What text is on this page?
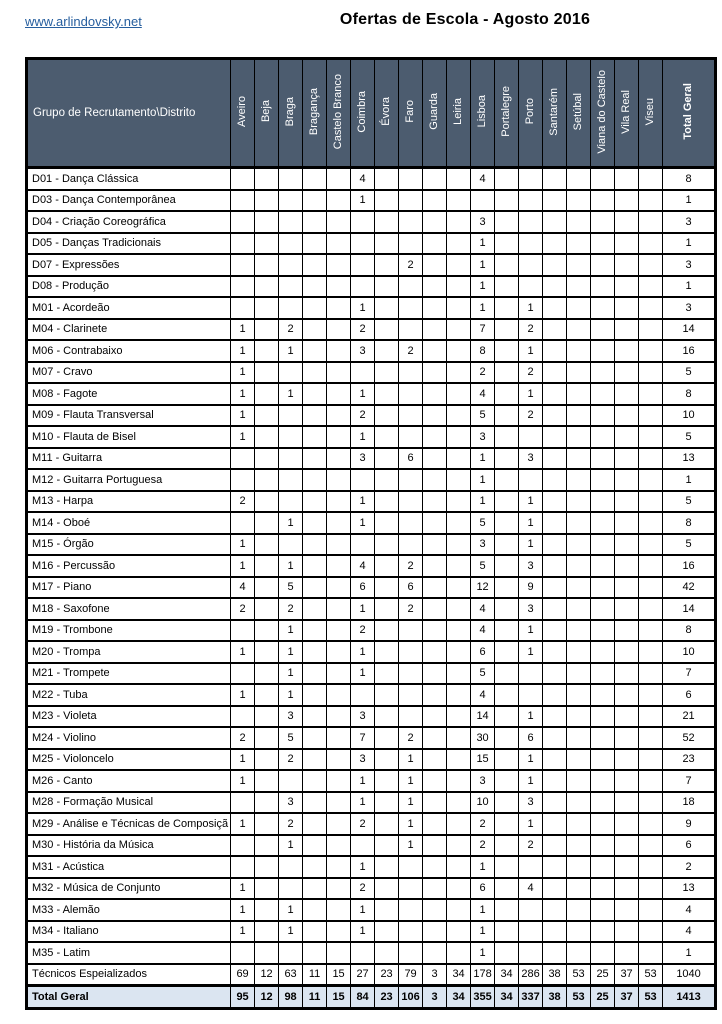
www.arlindovsky.net	Ofertas de Escola - Agosto 2016
Grupo de Recrutamento\Distrito	Aveiro	Beja	Braga	Bragança	Castelo Branco	Coimbra	Évora	Faro	Guarda	Leiria	Lisboa	Portalegre	Porto	Santarém	Setúbal	Viana do Castelo	Vila Real	Viseu	Total Geral
D01 - Dança Clássica						4					4								8
D03 - Dança Contemporânea						1													1
D04 - Criação Coreográfica											3								3
D05 - Danças Tradicionais											1								1
D07 - Expressões								2			1								3
D08 - Produção											1								1
M01 - Acordeão						1					1		1						3
M04 - Clarinete	1		2			2					7		2						14
M06 - Contrabaixo	1		1			3		2			8		1						16
M07 - Cravo	1										2		2						5
M08 - Fagote	1		1			1					4		1						8
M09 - Flauta Transversal	1					2					5		2						10
M10 - Flauta de Bisel	1					1					3								5
M11 - Guitarra						3		6			1		3						13
M12 - Guitarra Portuguesa											1								1
M13 - Harpa	2					1					1		1						5
M14 - Oboé			1			1					5		1						8
M15 - Órgão	1										3		1						5
M16 - Percussão	1		1			4		2			5		3						16
M17 - Piano	4		5			6		6			12		9						42
M18 - Saxofone	2		2			1		2			4		3						14
M19 - Trombone			1			2					4		1						8
M20 - Trompa	1		1			1					6		1						10
M21 - Trompete			1			1					5								7
M22 - Tuba	1		1								4								6
M23 - Violeta			3			3					14		1						21
M24 - Violino	2		5			7		2			30		6						52
M25 - Violoncelo	1		2			3		1			15		1						23
M26 - Canto	1					1		1			3		1						7
M28 - Formação Musical			3			1		1			10		3						18
M29 - Análise e Técnicas de Composiçã	1		2			2		1			2		1						9
M30 - História da Música			1					1			2		2						6
M31 - Acústica						1					1								2
M32 - Música de Conjunto	1					2					6		4						13
M33 - Alemão	1		1			1					1								4
M34 - Italiano	1		1			1					1								4
M35 - Latim											1								1
Técnicos Espeializados	69	12	63	11	15	27	23	79	3	34	178	34	286	38	53	25	37	53	1040
Total Geral	95	12	98	11	15	84	23	106	3	34	355	34	337	38	53	25	37	53	1413
